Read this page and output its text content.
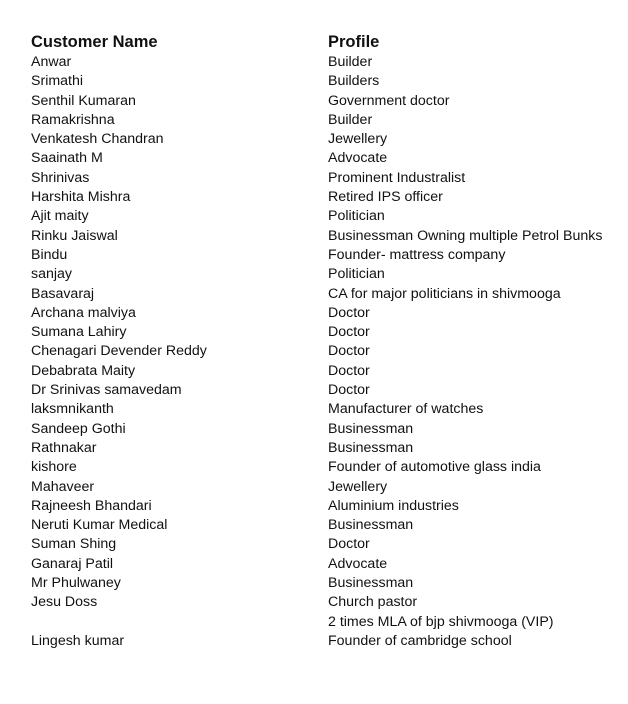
Customer Name	Profile
Anwar	Builder
Srimathi	Builders
Senthil Kumaran	Government doctor
Ramakrishna	Builder
Venkatesh Chandran	Jewellery
Saainath M	Advocate
Shrinivas	Prominent Industralist
Harshita Mishra	Retired IPS officer
Ajit maity	Politician
Rinku Jaiswal	Businessman Owning multiple Petrol Bunks
Bindu	Founder- mattress company
sanjay	Politician
Basavaraj	CA for major politicians in shivmooga
Archana malviya	Doctor
Sumana Lahiry	Doctor
Chenagari Devender Reddy	Doctor
Debabrata Maity	Doctor
Dr Srinivas samavedam	Doctor
laksmnikanth	Manufacturer of watches
Sandeep Gothi	Businessman
Rathnakar	Businessman
kishore	Founder of automotive glass india
Mahaveer	Jewellery
Rajneesh Bhandari	Aluminium industries
Neruti Kumar Medical	Businessman
Suman Shing	Doctor
Ganaraj Patil	Advocate
Mr Phulwaney	Businessman
Jesu Doss	Church pastor
	2 times MLA of bjp shivmooga (VIP)
Lingesh kumar	Founder of cambridge school
